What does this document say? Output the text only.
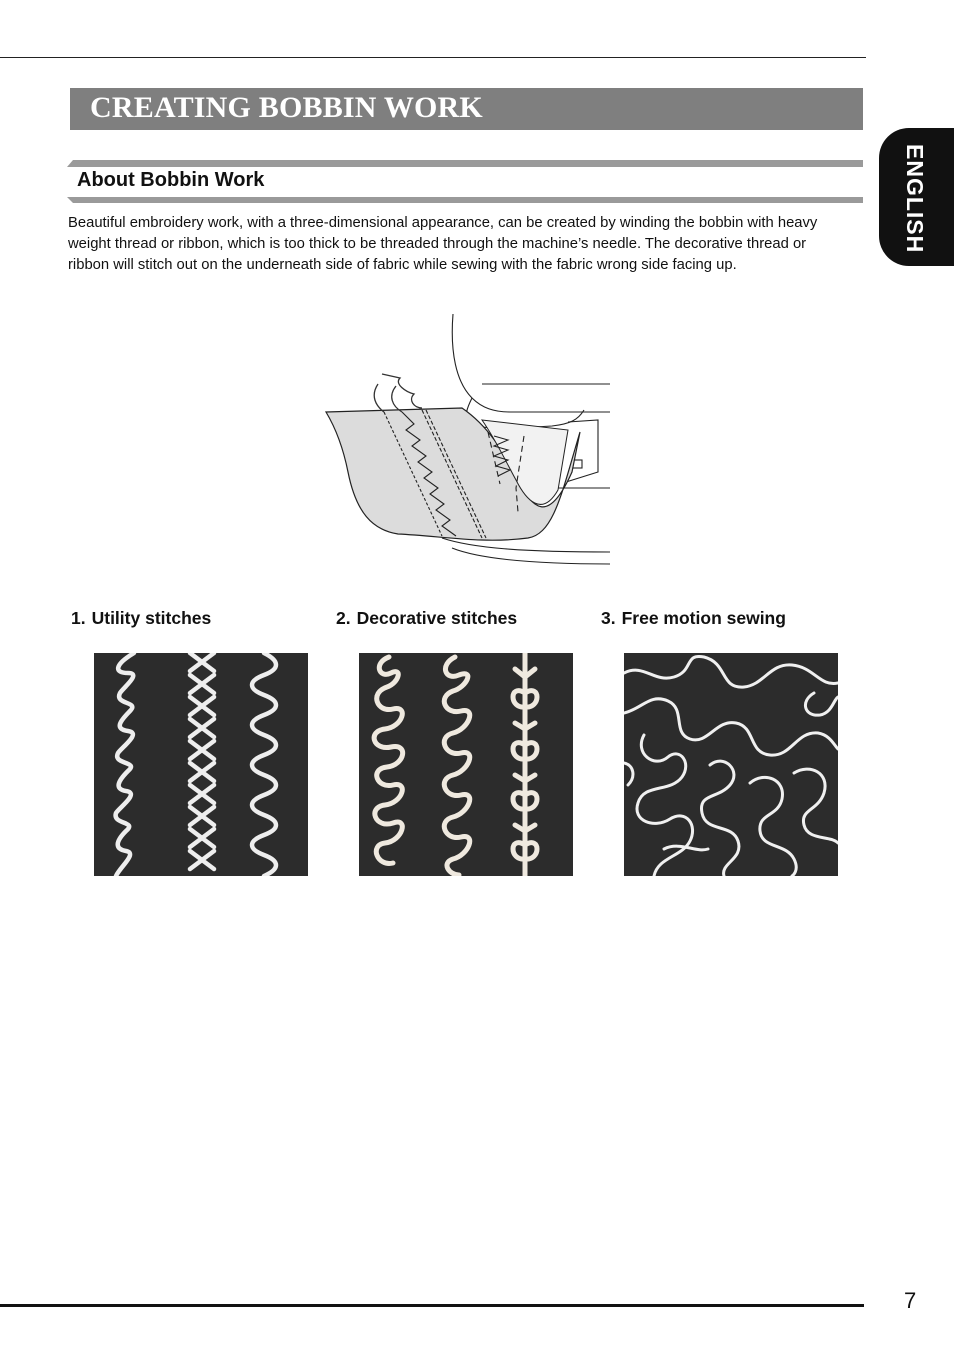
ENGLISH
CREATING BOBBIN WORK
About Bobbin Work

Beautiful embroidery work, with a three-dimensional appearance, can be created by winding the bobbin with heavy
weight thread or ribbon, which is too thick to be threaded through the machine’s needle. The decorative thread or
ribbon will stitch out on the underneath side of fabric while sewing with the fabric wrong side facing up.

1. Utility stitches	2. Decorative stitches	3. Free motion sewing
7
